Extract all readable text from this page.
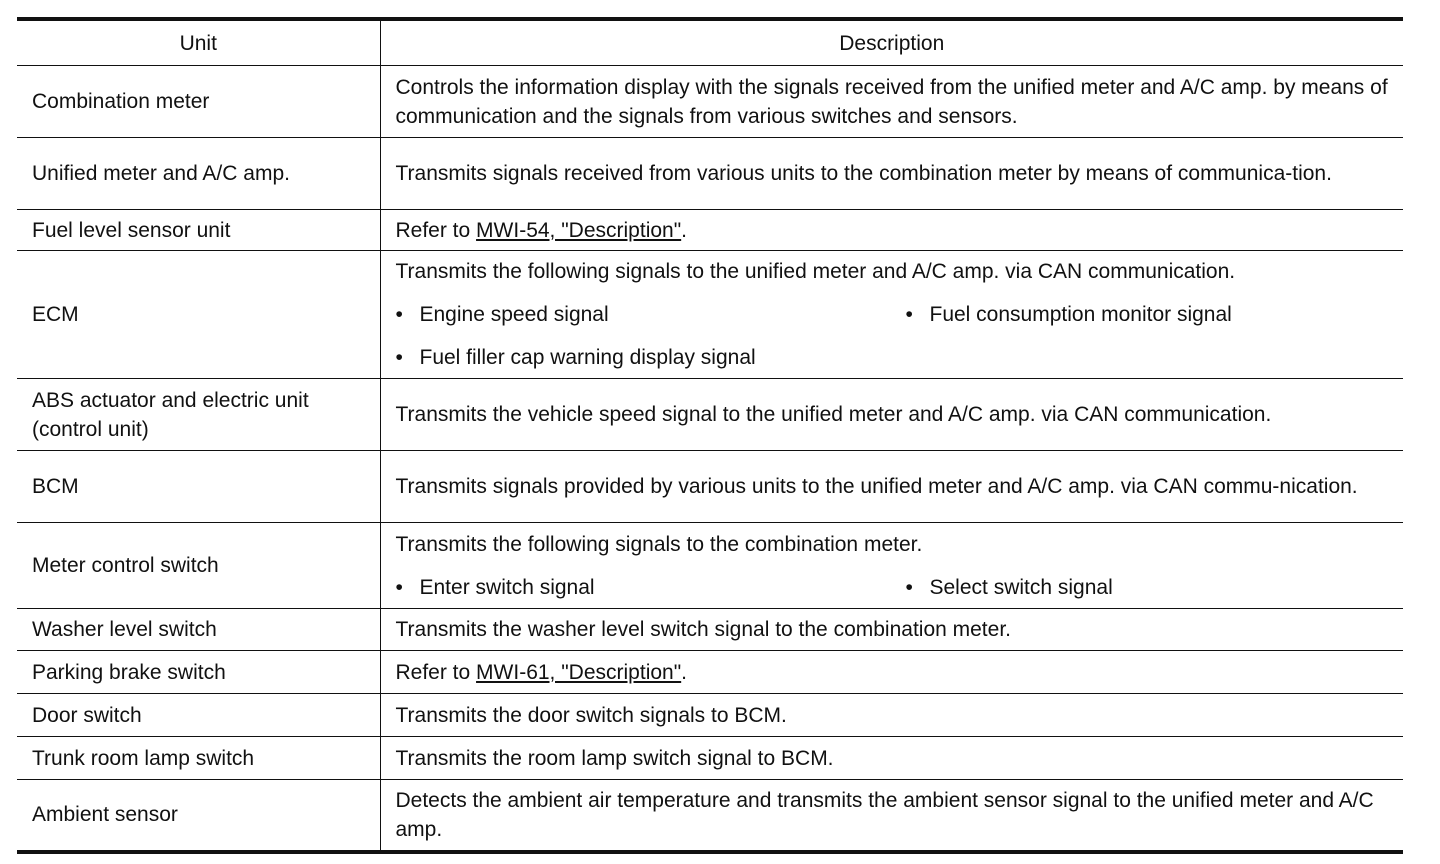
Unit	Description
Combination meter	Controls the information display with the signals received from the unified meter and A/C amp. by means of communication and the signals from various switches and sensors.
Unified meter and A/C amp.	Transmits signals received from various units to the combination meter by means of communica-tion.
Fuel level sensor unit	Refer to MWI-54, "Description".
ECM	Transmits the following signals to the unified meter and A/C amp. via CAN communication.
• Engine speed signal • Fuel consumption monitor signal
• Fuel filler cap warning display signal

ABS actuator and electric unit (control unit)	Transmits the vehicle speed signal to the unified meter and A/C amp. via CAN communication.
BCM	Transmits signals provided by various units to the unified meter and A/C amp. via CAN commu-nication.
Meter control switch	Transmits the following signals to the combination meter.
• Enter switch signal • Select switch signal

Washer level switch	Transmits the washer level switch signal to the combination meter.
Parking brake switch	Refer to MWI-61, "Description".
Door switch	Transmits the door switch signals to BCM.
Trunk room lamp switch	Transmits the room lamp switch signal to BCM.
Ambient sensor	Detects the ambient air temperature and transmits the ambient sensor signal to the unified meter and A/C amp.
